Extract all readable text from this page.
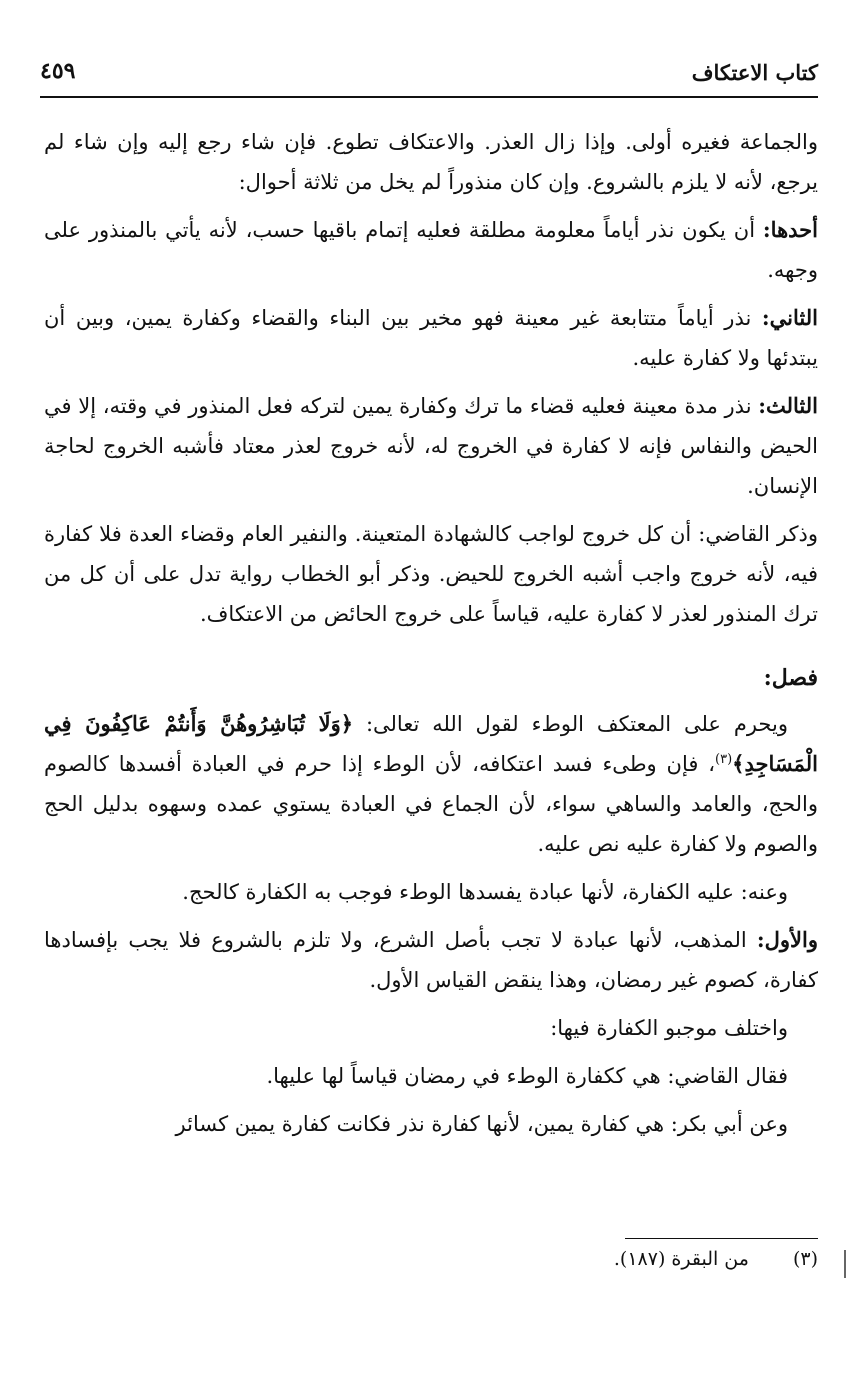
كتاب الاعتكاف
٤٥٩

والجماعة فغيره أولى. وإذا زال العذر. والاعتكاف تطوع. فإن شاء رجع إليه وإن شاء لم يرجع، لأنه لا يلزم بالشروع. وإن كان منذوراً لم يخل من ثلاثة أحوال:

أحدها: أن يكون نذر أياماً معلومة مطلقة فعليه إتمام باقيها حسب، لأنه يأتي بالمنذور على وجهه.

الثاني: نذر أياماً متتابعة غير معينة فهو مخير بين البناء والقضاء وكفارة يمين، وبين أن يبتدئها ولا كفارة عليه.

الثالث: نذر مدة معينة فعليه قضاء ما ترك وكفارة يمين لتركه فعل المنذور في وقته، إلا في الحيض والنفاس فإنه لا كفارة في الخروج له، لأنه خروج لعذر معتاد فأشبه الخروج لحاجة الإنسان.

وذكر القاضي: أن كل خروج لواجب كالشهادة المتعينة. والنفير العام وقضاء العدة فلا كفارة فيه، لأنه خروج واجب أشبه الخروج للحيض. وذكر أبو الخطاب رواية تدل على أن كل من ترك المنذور لعذر لا كفارة عليه، قياساً على خروج الحائض من الاعتكاف.

فصل:

ويحرم على المعتكف الوطء لقول الله تعالى: ﴿وَلَا تُبَاشِرُوهُنَّ وَأَنتُمْ عَاكِفُونَ فِي الْمَسَاجِدِ﴾$^{(٣)}$، فإن وطىء فسد اعتكافه، لأن الوطء إذا حرم في العبادة أفسدها كالصوم والحج، والعامد والساهي سواء، لأن الجماع في العبادة يستوي عمده وسهوه بدليل الحج والصوم ولا كفارة عليه نص عليه.

وعنه: عليه الكفارة، لأنها عبادة يفسدها الوطء فوجب به الكفارة كالحج.

والأول: المذهب، لأنها عبادة لا تجب بأصل الشرع، ولا تلزم بالشروع فلا يجب بإفسادها كفارة، كصوم غير رمضان، وهذا ينقض القياس الأول.

واختلف موجبو الكفارة فيها:

فقال القاضي: هي ككفارة الوطء في رمضان قياساً لها عليها.

وعن أبي بكر: هي كفارة يمين، لأنها كفارة نذر فكانت كفارة يمين كسائر

(٣)من البقرة (١٨٧).
